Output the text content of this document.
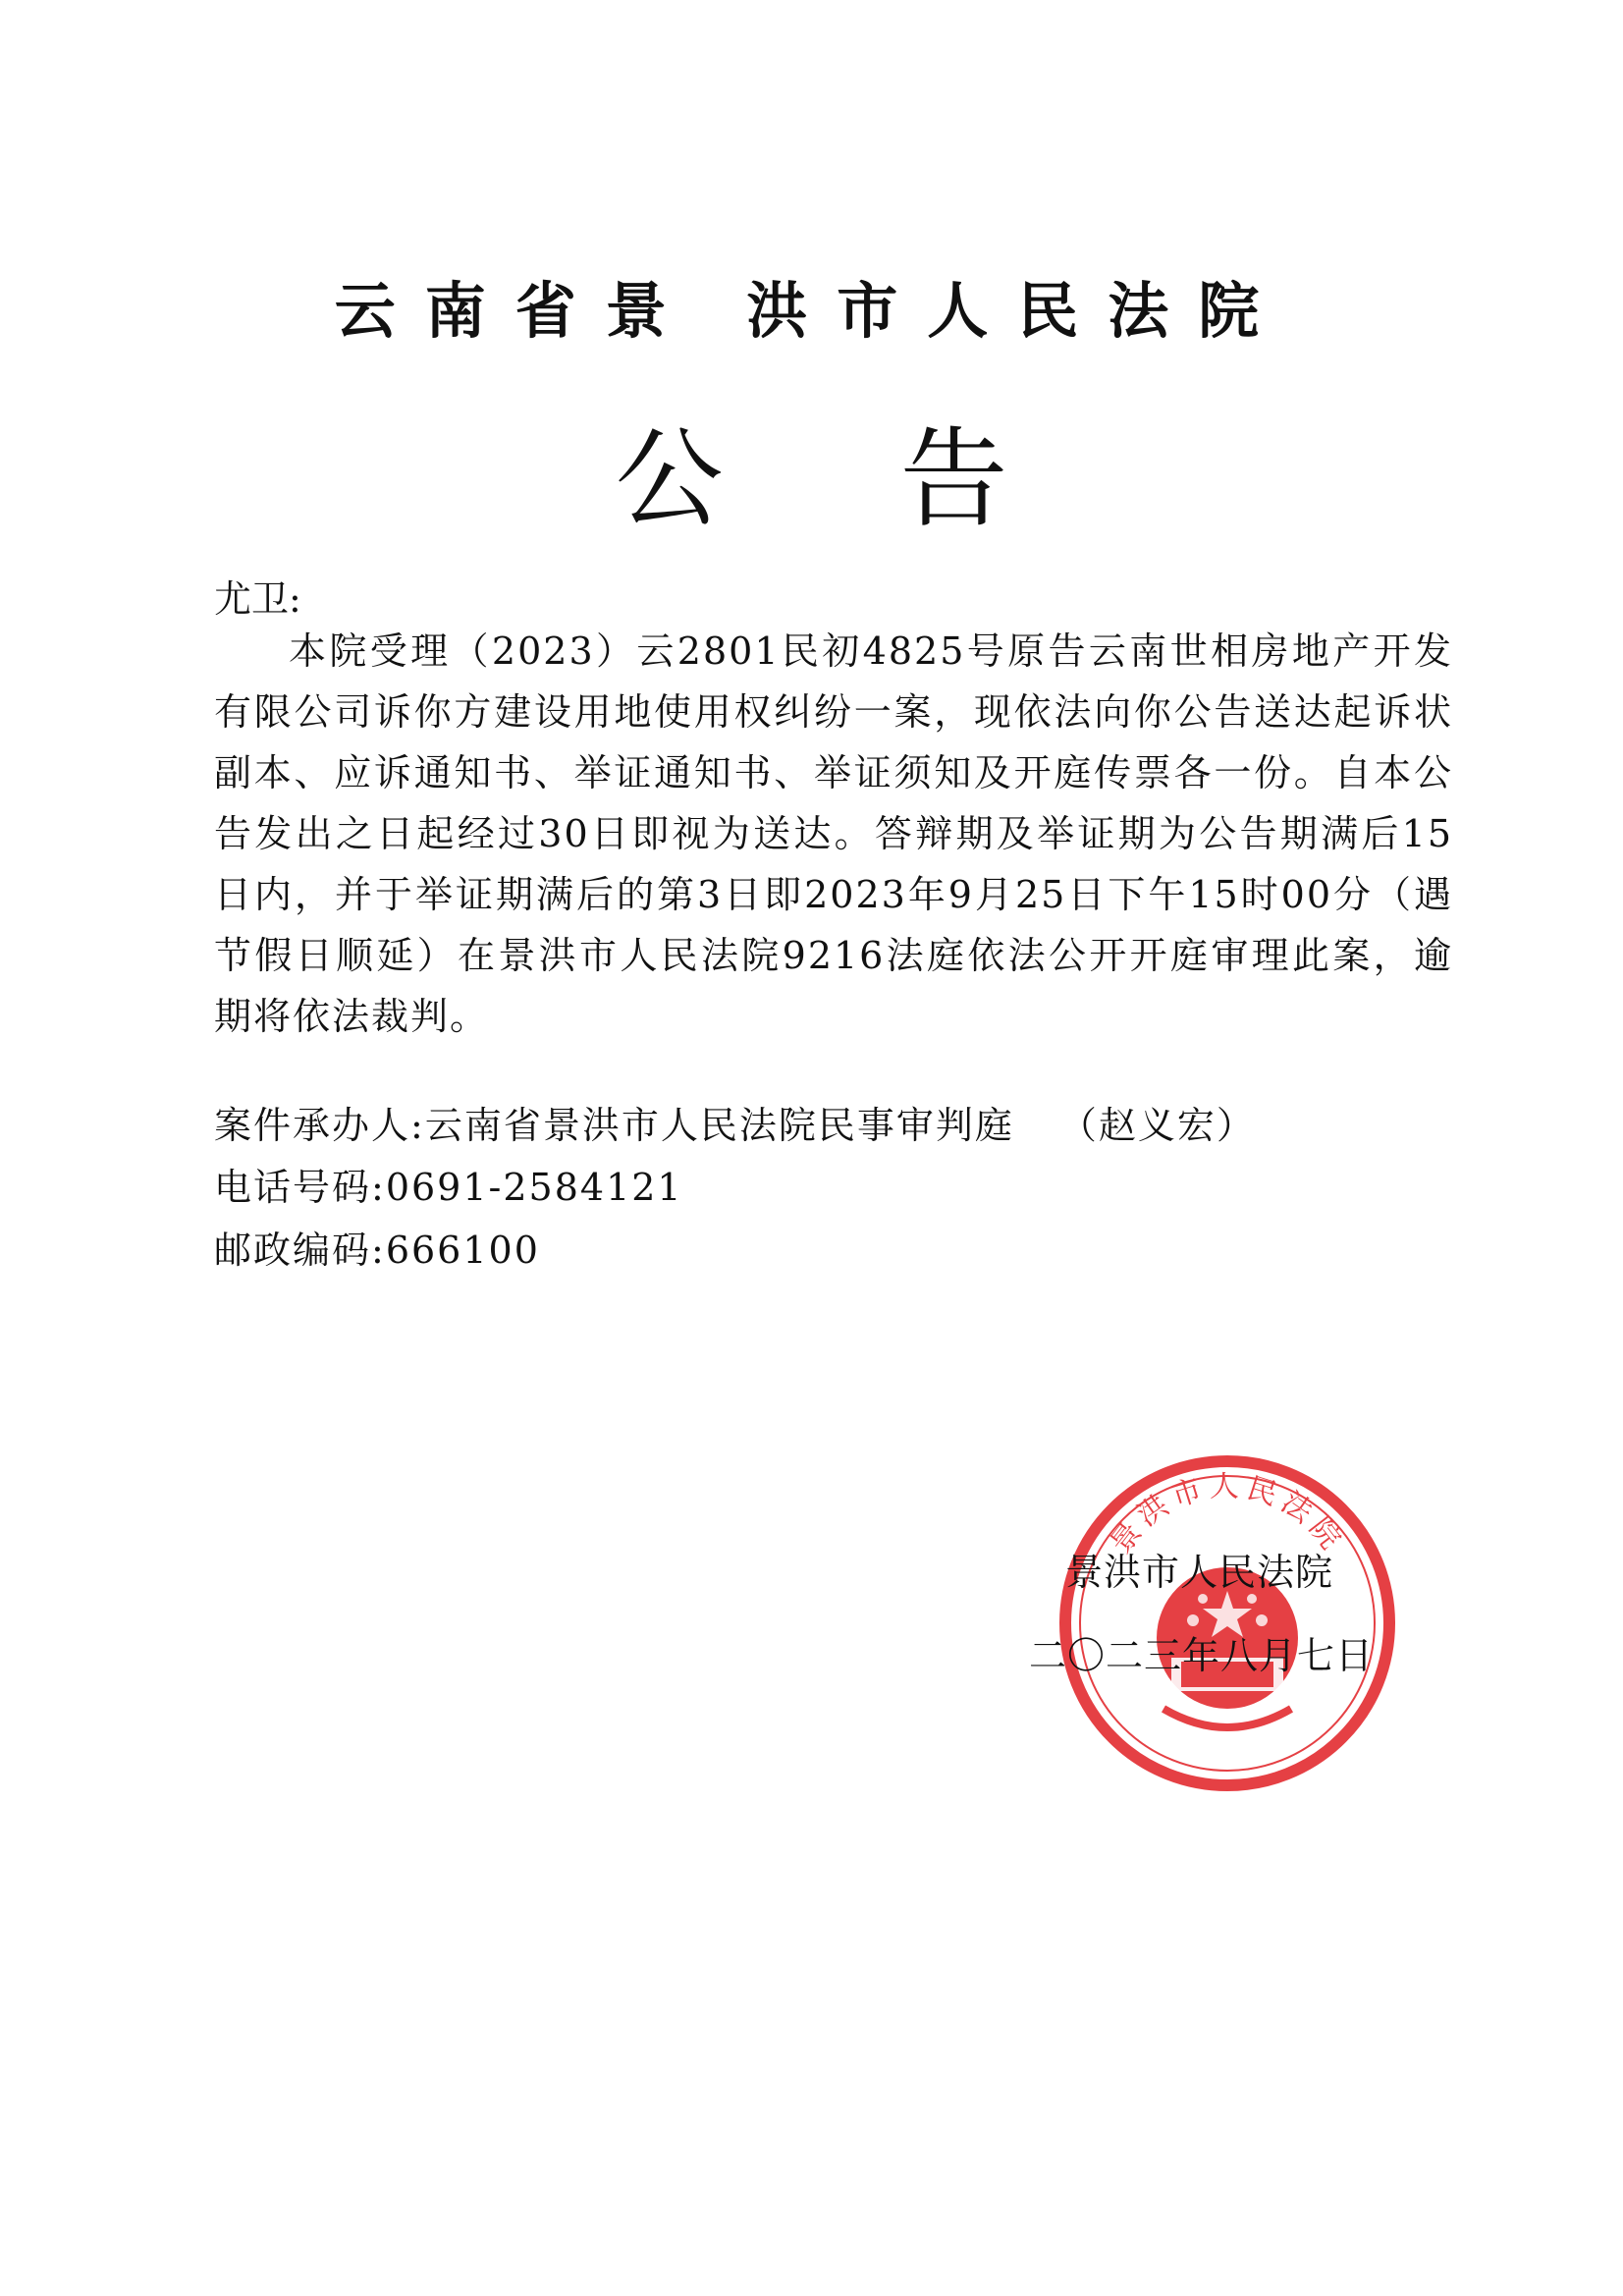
云南省景 洪市人民法院
公告
尤卫:
本院受理（2023）云2801民初4825号原告云南世相房地产开发有限公司诉你方建设用地使用权纠纷一案，现依法向你公告送达起诉状副本、应诉通知书、举证通知书、举证须知及开庭传票各一份。自本公告发出之日起经过30日即视为送达。答辩期及举证期为公告期满后15日内，并于举证期满后的第3日即2023年9月25日下午15时00分（遇节假日顺延）在景洪市人民法院9216法庭依法公开开庭审理此案，逾期将依法裁判。
案件承办人:云南省景洪市人民法院民事审判庭 （赵义宏）
电话号码:0691-2584121
邮政编码:666100
景洪市人民法院
景洪市人民法院
二〇二三年八月七日
